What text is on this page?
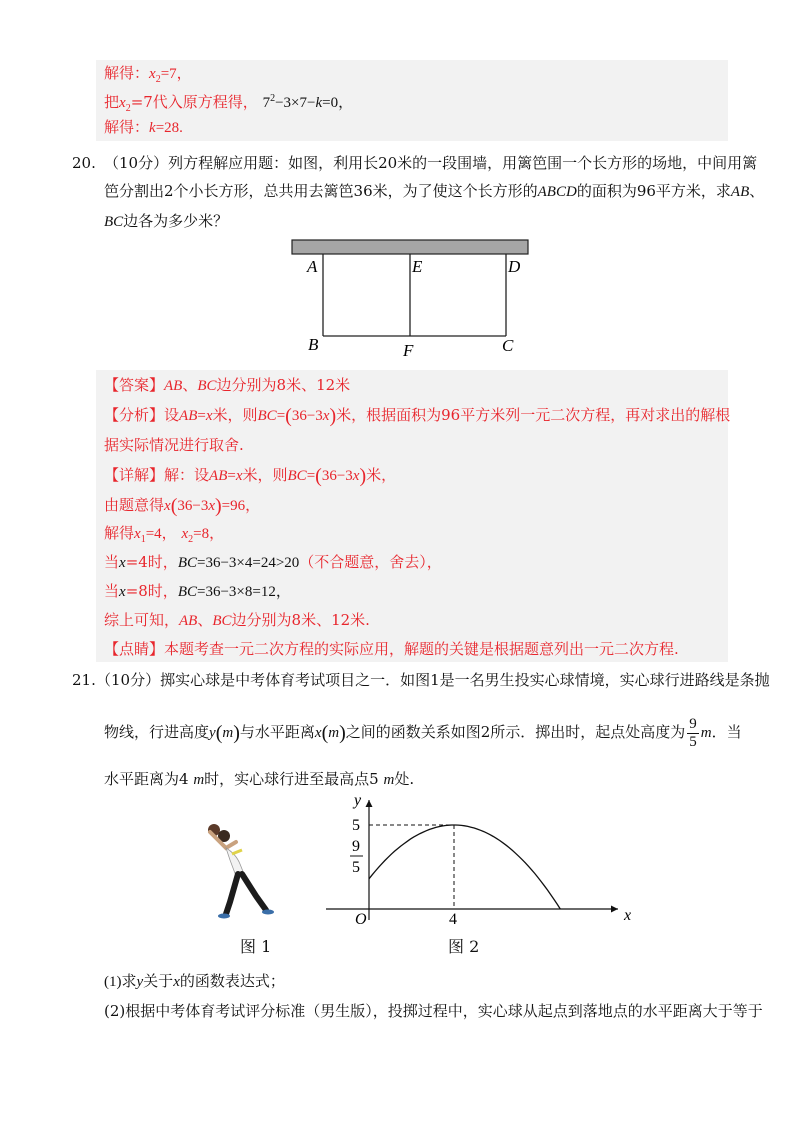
解得：$x_2=7$，
把$x_2=7$代入原方程得， $7^2-3\times 7-k=0$，
解得：k=28.
20. （10分）列方程解应用题：如图，利用长20米的一段围墙，用篱笆围一个长方形的场地，中间用篱
笆分割出2个小长方形，总共用去篱笆36米，为了使这个长方形的ABCD的面积为96平方米，求AB、
BC边各为多少米？
A	E	D
B	F	C
【答案】AB、BC边分别为8米、12米
【分析】设AB=x米，则BC=(36−3x)米，根据面积为96平方米列一元二次方程，再对求出的解根
据实际情况进行取舍.
【详解】解：设AB=x米，则BC=(36−3x)米，
由题意得x(36−3x)=96，
解得$x_1=4$， $x_2=8$，
当x=4时，BC=36−3×4=24>20（不合题意，舍去），
当x=8时，BC=36−3×8=12，
综上可知，AB、BC边分别为8米、12米.
【点睛】本题考查一元二次方程的实际应用，解题的关键是根据题意列出一元二次方程.
21. （10分）掷实心球是中考体育考试项目之一．如图1是一名男生投实心球情境，实心球行进路线是条抛
物线，行进高度y(m)与水平距离x(m)之间的函数关系如图2所示．掷出时，起点处高度为 $\frac{9}{5}$ m．当
水平距离为4 m时，实心球行进至最高点5 m处.
y
x
O
5
9
5
4
图 1	图 2
(1)求y关于x的函数表达式；
(2)根据中考体育考试评分标准（男生版），投掷过程中，实心球从起点到落地点的水平距离大于等于
